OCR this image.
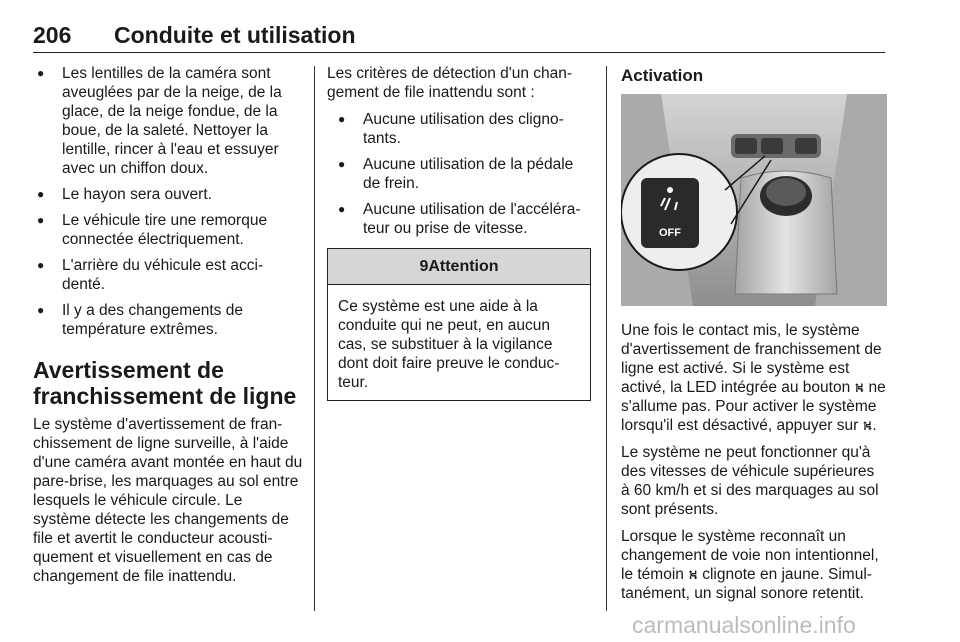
206 Conduite et utilisation
● Les lentilles de la caméra sont aveuglées par de la neige, de la glace, de la neige fondue, de la boue, de la saleté. Nettoyer la lentille, rincer à l'eau et essuyer avec un chiffon doux.
● Le hayon sera ouvert.
● Le véhicule tire une remorque connectée électriquement.
● L'arrière du véhicule est acci-denté.
● Il y a des changements de température extrêmes.
Avertissement de franchissement de ligne

Le système d'avertissement de fran-chissement de ligne surveille, à l'aide d'une caméra avant montée en haut du pare-brise, les marquages au sol entre lesquels le véhicule circule. Le système détecte les changements de file et avertit le conducteur acousti-quement et visuellement en cas de changement de file inattendu.

Les critères de détection d'un chan-gement de file inattendu sont :

● Aucune utilisation des cligno-tants.
● Aucune utilisation de la pédale de frein.
● Aucune utilisation de l'accéléra-teur ou prise de vitesse.
9Attention

Ce système est une aide à la conduite qui ne peut, en aucun cas, se substituer à la vigilance dont doit faire preuve le conduc-teur.

Activation
OFF

Une fois le contact mis, le système d'avertissement de franchissement de ligne est activé. Si le système est activé, la LED intégrée au bouton ⛕ ne s'allume pas. Pour activer le système lorsqu'il est désactivé, appuyer sur ⛕.

Le système ne peut fonctionner qu'à des vitesses de véhicule supérieures à 60 km/h et si des marquages au sol sont présents.

Lorsque le système reconnaît un changement de voie non intentionnel, le témoin ⛕ clignote en jaune. Simul-tanément, un signal sonore retentit.

carmanualsonline.info
